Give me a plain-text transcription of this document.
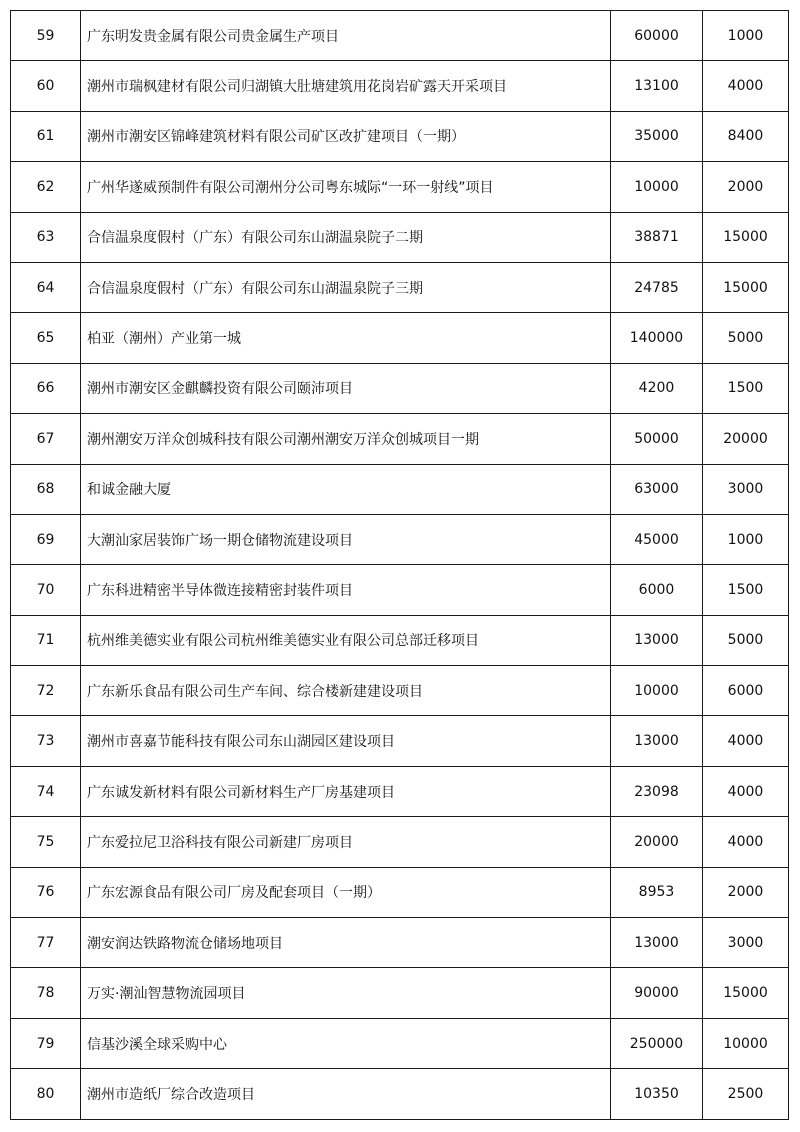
59	广东明发贵金属有限公司贵金属生产项目	60000	1000
60	潮州市瑞枫建材有限公司归湖镇大肚塘建筑用花岗岩矿露天开采项目	13100	4000
61	潮州市潮安区锦峰建筑材料有限公司矿区改扩建项目（一期）	35000	8400
62	广州华遂威预制件有限公司潮州分公司粤东城际“一环一射线”项目	10000	2000
63	合信温泉度假村（广东）有限公司东山湖温泉院子二期	38871	15000
64	合信温泉度假村（广东）有限公司东山湖温泉院子三期	24785	15000
65	柏亚（潮州）产业第一城	140000	5000
66	潮州市潮安区金麒麟投资有限公司颐沛项目	4200	1500
67	潮州潮安万洋众创城科技有限公司潮州潮安万洋众创城项目一期	50000	20000
68	和诚金融大厦	63000	3000
69	大潮汕家居装饰广场一期仓储物流建设项目	45000	1000
70	广东科进精密半导体微连接精密封装件项目	6000	1500
71	杭州维美德实业有限公司杭州维美德实业有限公司总部迁移项目	13000	5000
72	广东新乐食品有限公司生产车间、综合楼新建建设项目	10000	6000
73	潮州市喜嘉节能科技有限公司东山湖园区建设项目	13000	4000
74	广东诚发新材料有限公司新材料生产厂房基建项目	23098	4000
75	广东爱拉尼卫浴科技有限公司新建厂房项目	20000	4000
76	广东宏源食品有限公司厂房及配套项目（一期）	8953	2000
77	潮安润达铁路物流仓储场地项目	13000	3000
78	万实·潮汕智慧物流园项目	90000	15000
79	信基沙溪全球采购中心	250000	10000
80	潮州市造纸厂综合改造项目	10350	2500
